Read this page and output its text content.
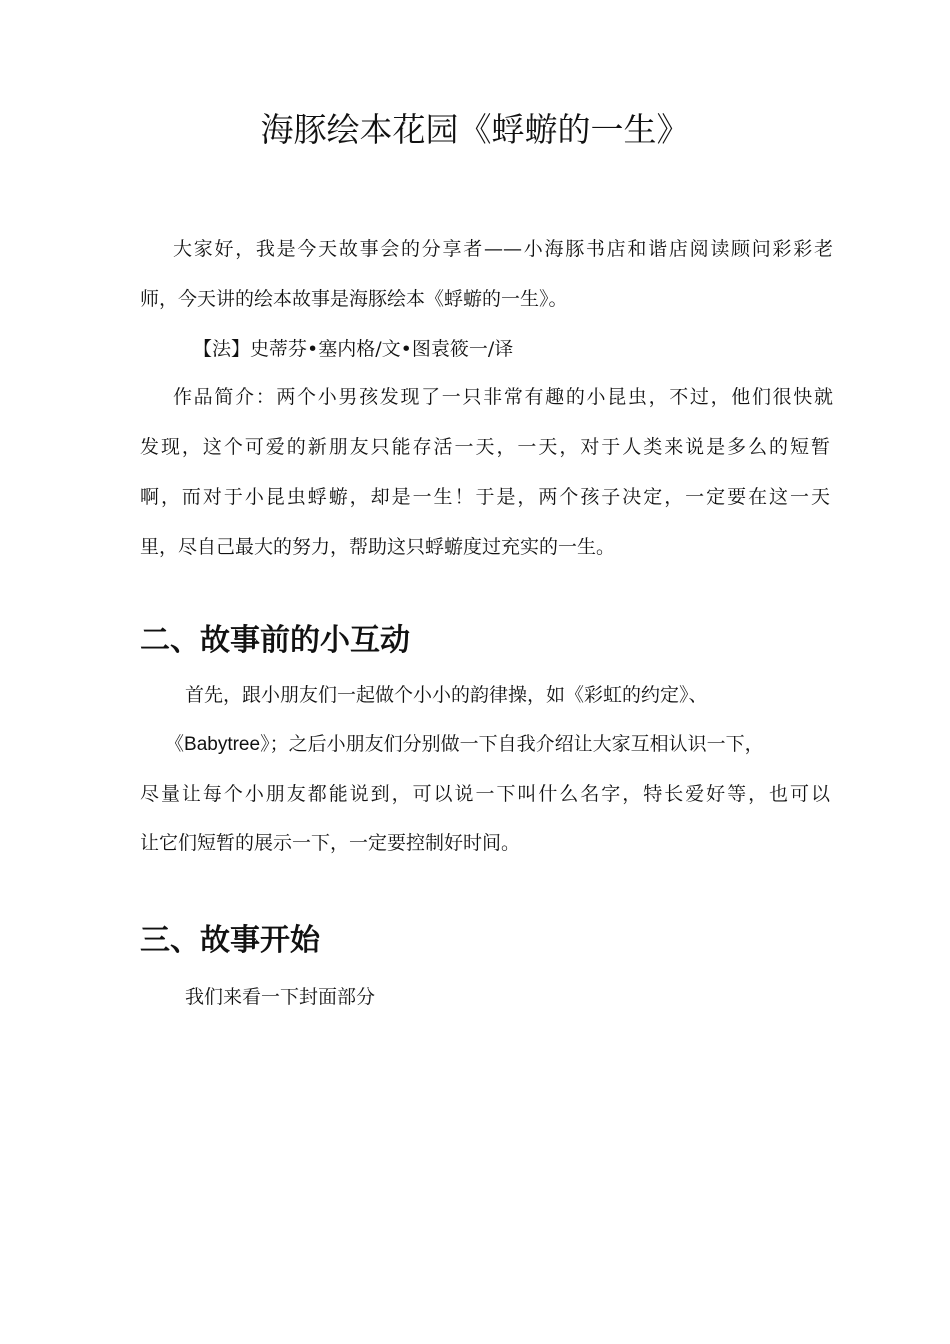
海豚绘本花园《蜉蝣的一生》
大家好，我是今天故事会的分享者——小海豚书店和谐店阅读顾问彩彩老
师，今天讲的绘本故事是海豚绘本《蜉蝣的一生》。
【法】史蒂芬•塞内格/文•图袁筱一/译
作品简介：两个小男孩发现了一只非常有趣的小昆虫，不过，他们很快就
发现，这个可爱的新朋友只能存活一天，一天，对于人类来说是多么的短暂
啊，而对于小昆虫蜉蝣，却是一生！于是，两个孩子决定，一定要在这一天
里，尽自己最大的努力，帮助这只蜉蝣度过充实的一生。
二、故事前的小互动
首先，跟小朋友们一起做个小小的韵律操，如《彩虹的约定》、
《Babytree》；之后小朋友们分别做一下自我介绍让大家互相认识一下，
尽量让每个小朋友都能说到，可以说一下叫什么名字，特长爱好等，也可以
让它们短暂的展示一下，一定要控制好时间。
三、故事开始
我们来看一下封面部分
